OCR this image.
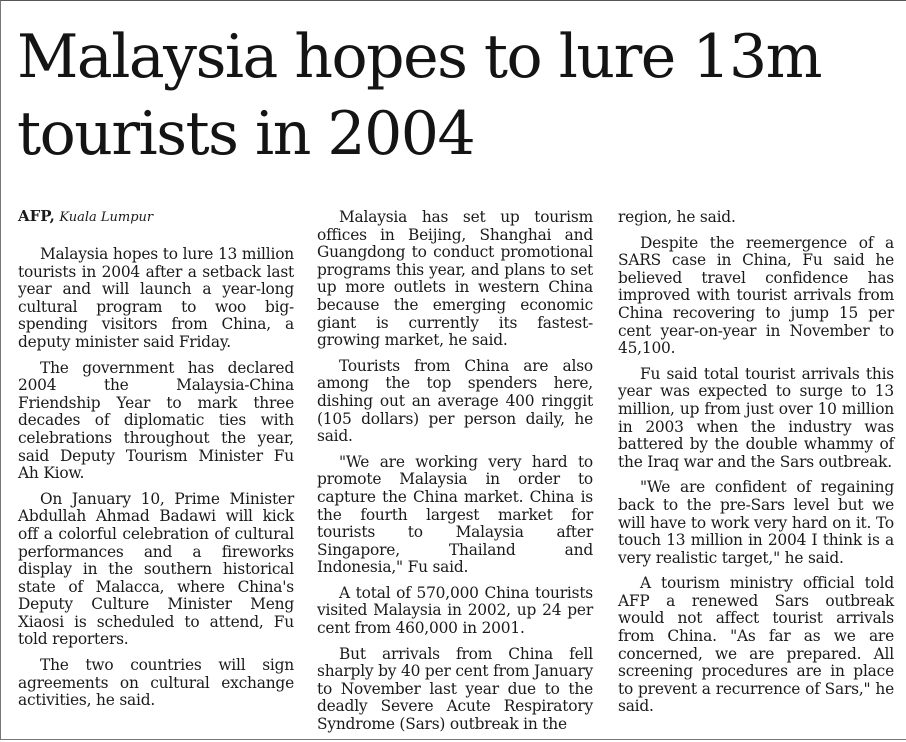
Malaysia hopes to lure 13m tourists in 2004
AFP, Kuala Lumpur

Malaysia hopes to lure 13 million tourists in 2004 after a setback last year and will launch a year-long cultural program to woo big-spending visitors from China, a deputy minister said Friday.

The government has declared 2004 the Malaysia-China Friendship Year to mark three decades of diplomatic ties with celebrations throughout the year, said Deputy Tourism Minister Fu Ah Kiow.

On January 10, Prime Minister Abdullah Ahmad Badawi will kick off a colorful celebration of cultural performances and a fireworks display in the southern historical state of Malacca, where China's Deputy Culture Minister Meng Xiaosi is scheduled to attend, Fu told reporters.

The two countries will sign agreements on cultural exchange activities, he said.

Malaysia has set up tourism offices in Beijing, Shanghai and Guangdong to conduct promotional programs this year, and plans to set up more outlets in western China because the emerging economic giant is currently its fastest-growing market, he said.

Tourists from China are also among the top spenders here, dishing out an average 400 ringgit (105 dollars) per person daily, he said.

"We are working very hard to promote Malaysia in order to capture the China market. China is the fourth largest market for tourists to Malaysia after Singapore, Thailand and Indonesia," Fu said.

A total of 570,000 China tourists visited Malaysia in 2002, up 24 per cent from 460,000 in 2001.

But arrivals from China fell sharply by 40 per cent from January to November last year due to the deadly Severe Acute Respiratory Syndrome (Sars) outbreak in the

region, he said.

Despite the reemergence of a SARS case in China, Fu said he believed travel confidence has improved with tourist arrivals from China recovering to jump 15 per cent year-on-year in November to 45,100.

Fu said total tourist arrivals this year was expected to surge to 13 million, up from just over 10 million in 2003 when the industry was battered by the double whammy of the Iraq war and the Sars outbreak.

"We are confident of regaining back to the pre-Sars level but we will have to work very hard on it. To touch 13 million in 2004 I think is a very realistic target," he said.

A tourism ministry official told AFP a renewed Sars outbreak would not affect tourist arrivals from China. "As far as we are concerned, we are prepared. All screening procedures are in place to prevent a recurrence of Sars," he said.
